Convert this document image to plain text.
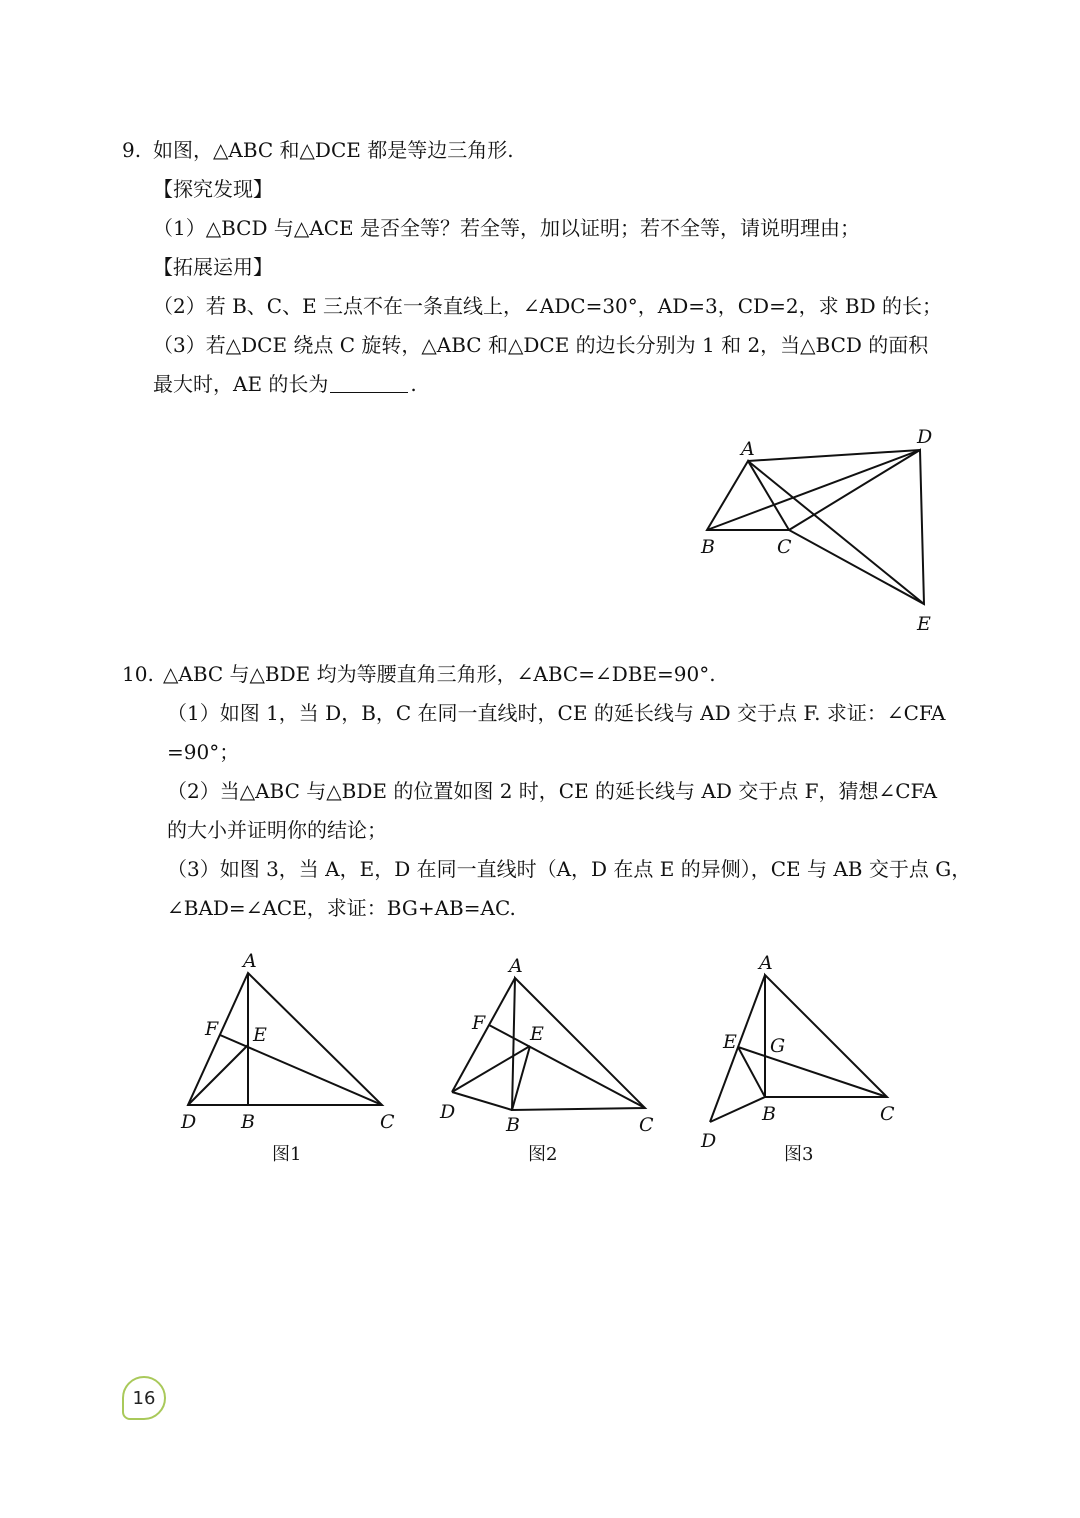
9. 如图，△ABC 和△DCE 都是等边三角形.
【探究发现】
（1）△BCD 与△ACE 是否全等？若全等，加以证明；若不全等，请说明理由；
【拓展运用】
（2）若 B、C、E 三点不在一条直线上，∠ADC=30°，AD=3，CD=2，求 BD 的长；
（3）若△DCE 绕点 C 旋转，△ABC 和△DCE 的边长分别为 1 和 2，当△BCD 的面积
最大时，AE 的长为	.
A
D
B	C
E
10. △ABC 与△BDE 均为等腰直角三角形，∠ABC=∠DBE=90°.
（1）如图 1，当 D，B，C 在同一直线时，CE 的延长线与 AD 交于点 F. 求证：∠CFA
=90°；
（2）当△ABC 与△BDE 的位置如图 2 时，CE 的延长线与 AD 交于点 F，猜想∠CFA
的大小并证明你的结论；
（3）如图 3，当 A，E，D 在同一直线时（A，D 在点 E 的异侧），CE 与 AB 交于点 G，
∠BAD=∠ACE，求证：BG+AB=AC.
A
F E
D B	C
图1
A
F E
D
B	C
图2
A
E G
B	C
D
图3
16
